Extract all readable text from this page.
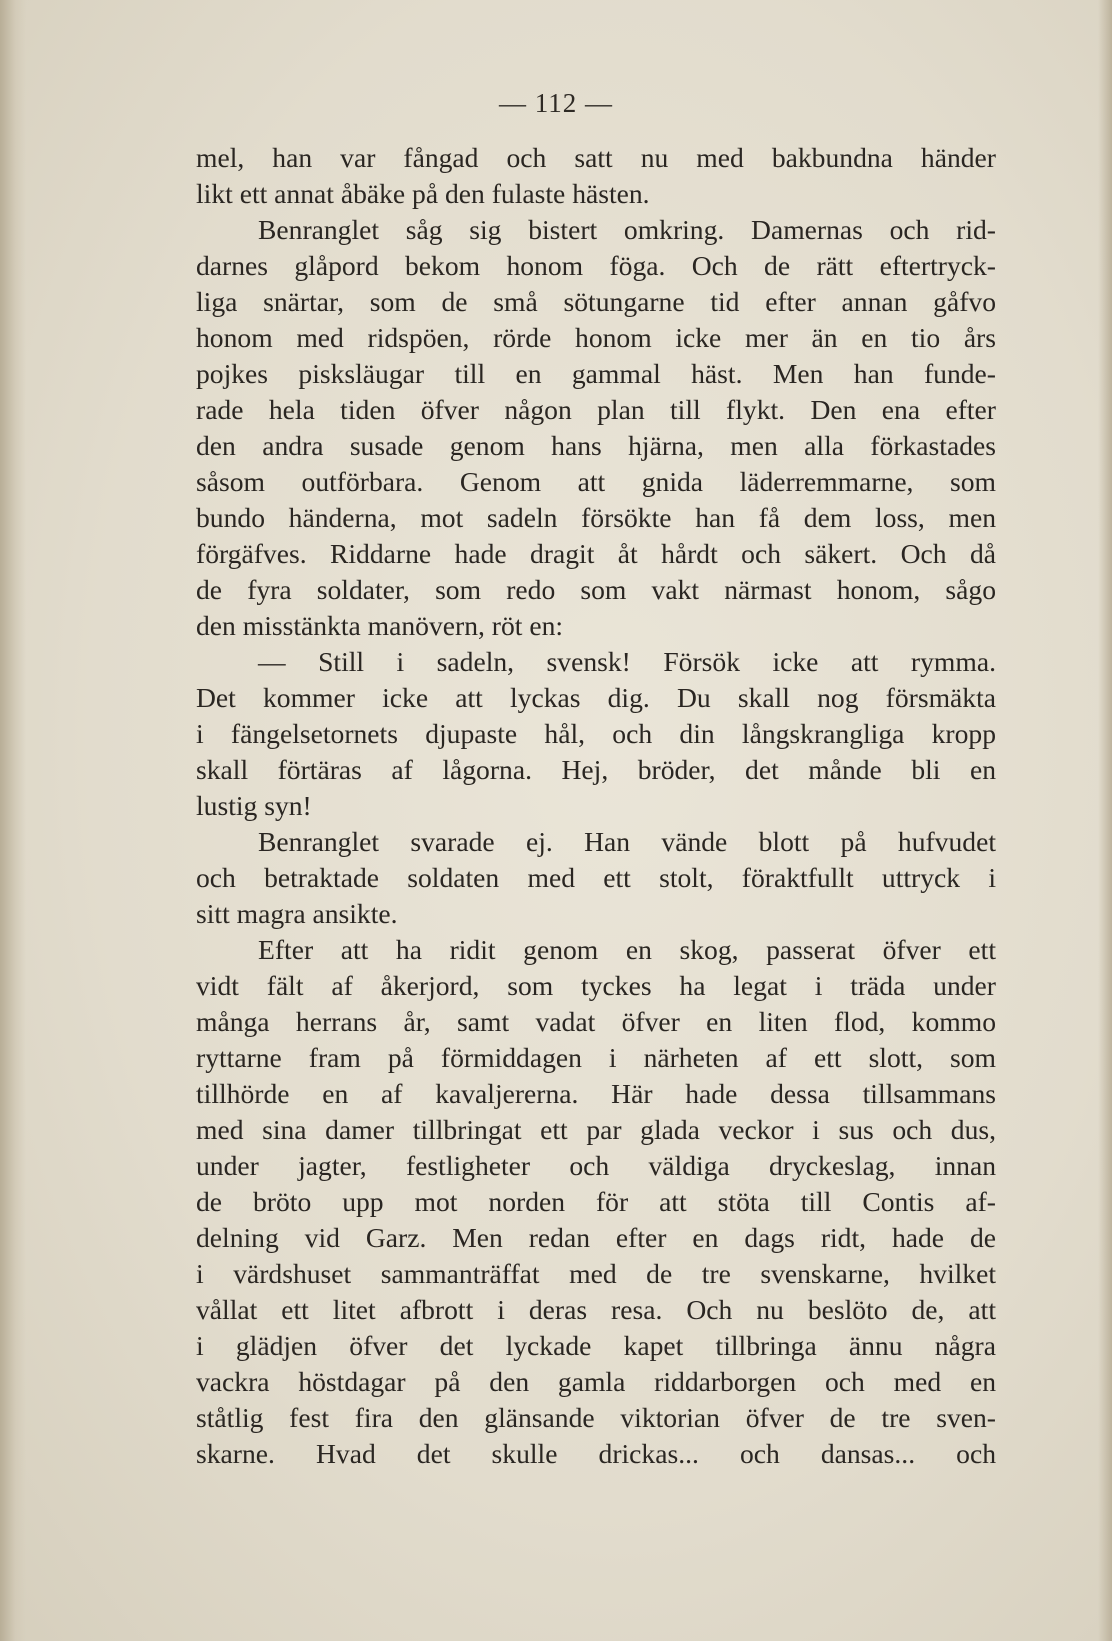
— 112 —
mel, han var fångad och satt nu med bakbundna händer
likt ett annat åbäke på den fulaste hästen.
Benranglet såg sig bistert omkring. Damernas och rid-
darnes glåpord bekom honom föga. Och de rätt eftertryck-
liga snärtar, som de små sötungarne tid efter annan gåfvo
honom med ridspöen, rörde honom icke mer än en tio års
pojkes pisksläugar till en gammal häst. Men han funde-
rade hela tiden öfver någon plan till flykt. Den ena efter
den andra susade genom hans hjärna, men alla förkastades
såsom outförbara. Genom att gnida läderremmarne, som
bundo händerna, mot sadeln försökte han få dem loss, men
förgäfves. Riddarne hade dragit åt hårdt och säkert. Och då
de fyra soldater, som redo som vakt närmast honom, sågo
den misstänkta manövern, röt en:
— Still i sadeln, svensk! Försök icke att rymma.
Det kommer icke att lyckas dig. Du skall nog försmäkta
i fängelsetornets djupaste hål, och din långskrangliga kropp
skall förtäras af lågorna. Hej, bröder, det månde bli en
lustig syn!
Benranglet svarade ej. Han vände blott på hufvudet
och betraktade soldaten med ett stolt, föraktfullt uttryck i
sitt magra ansikte.
Efter att ha ridit genom en skog, passerat öfver ett
vidt fält af åkerjord, som tyckes ha legat i träda under
många herrans år, samt vadat öfver en liten flod, kommo
ryttarne fram på förmiddagen i närheten af ett slott, som
tillhörde en af kavaljererna. Här hade dessa tillsammans
med sina damer tillbringat ett par glada veckor i sus och dus,
under jagter, festligheter och väldiga dryckeslag, innan
de bröto upp mot norden för att stöta till Contis af-
delning vid Garz. Men redan efter en dags ridt, hade de
i värdshuset sammanträffat med de tre svenskarne, hvilket
vållat ett litet afbrott i deras resa. Och nu beslöto de, att
i glädjen öfver det lyckade kapet tillbringa ännu några
vackra höstdagar på den gamla riddarborgen och med en
ståtlig fest fira den glänsande viktorian öfver de tre sven-
skarne. Hvad det skulle drickas... och dansas... och
